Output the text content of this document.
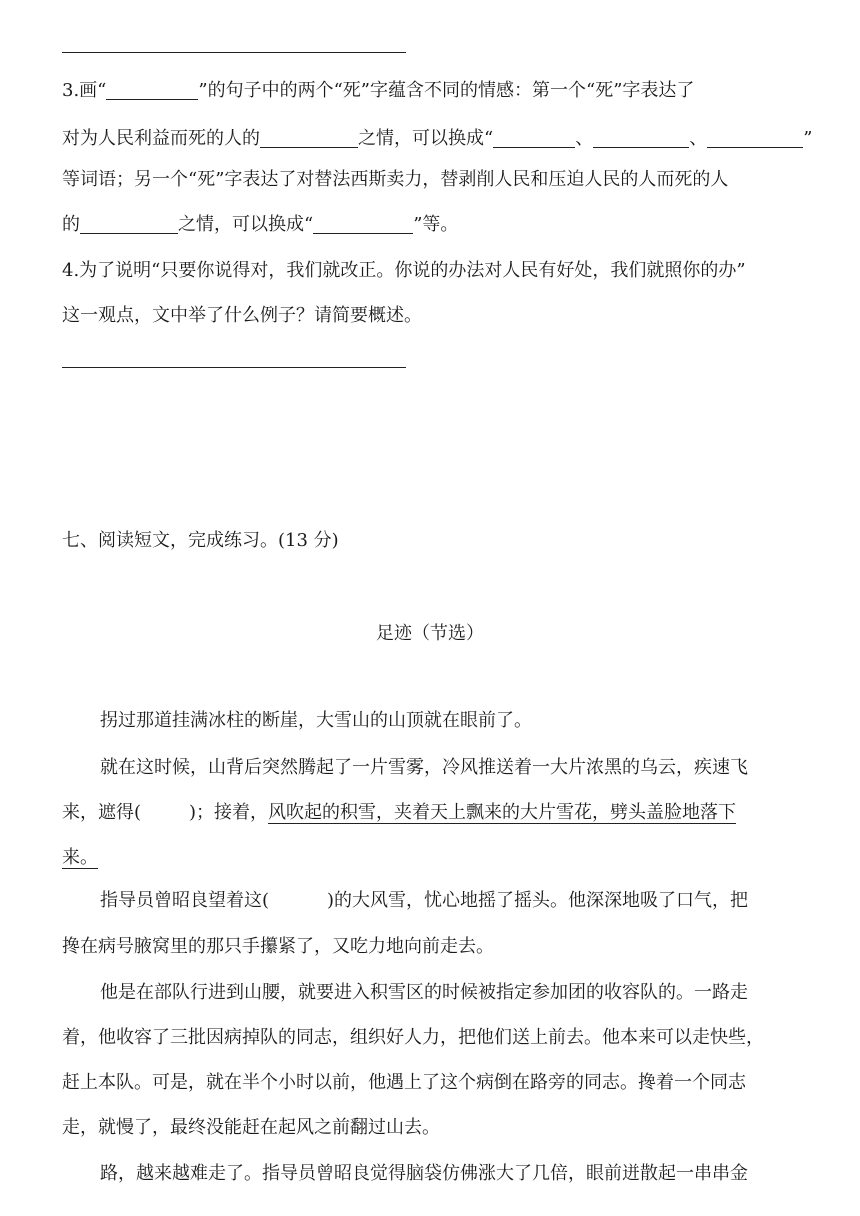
3.画“	”的句子中的两个“死”字蕴含不同的情感：第一个“死”字表达了
对为人民利益而死的人的	之情，可以换成“	、	、	”
等词语；另一个“死”字表达了对替法西斯卖力，替剥削人民和压迫人民的人而死的人
的	之情，可以换成“	”等。
4.为了说明“只要你说得对，我们就改正。你说的办法对人民有好处，我们就照你的办”
这一观点，文中举了什么例子？请简要概述。
七、阅读短文，完成练习。(13 分)
足迹（节选）
拐过那道挂满冰柱的断崖，大雪山的山顶就在眼前了。
就在这时候，山背后突然腾起了一片雪雾，冷风推送着一大片浓黑的乌云，疾速飞
来，遮得(	)；接着，风吹起的积雪，夹着天上飘来的大片雪花，劈头盖脸地落下
来。
指导员曾昭良望着这(	)的大风雪，忧心地摇了摇头。他深深地吸了口气，把
搀在病号腋窝里的那只手攥紧了，又吃力地向前走去。
他是在部队行进到山腰，就要进入积雪区的时候被指定参加团的收容队的。一路走
着，他收容了三批因病掉队的同志，组织好人力，把他们送上前去。他本来可以走快些，
赶上本队。可是，就在半个小时以前，他遇上了这个病倒在路旁的同志。搀着一个同志
走，就慢了，最终没能赶在起风之前翻过山去。
路，越来越难走了。指导员曾昭良觉得脑袋仿佛涨大了几倍，眼前迸散起一串串金
